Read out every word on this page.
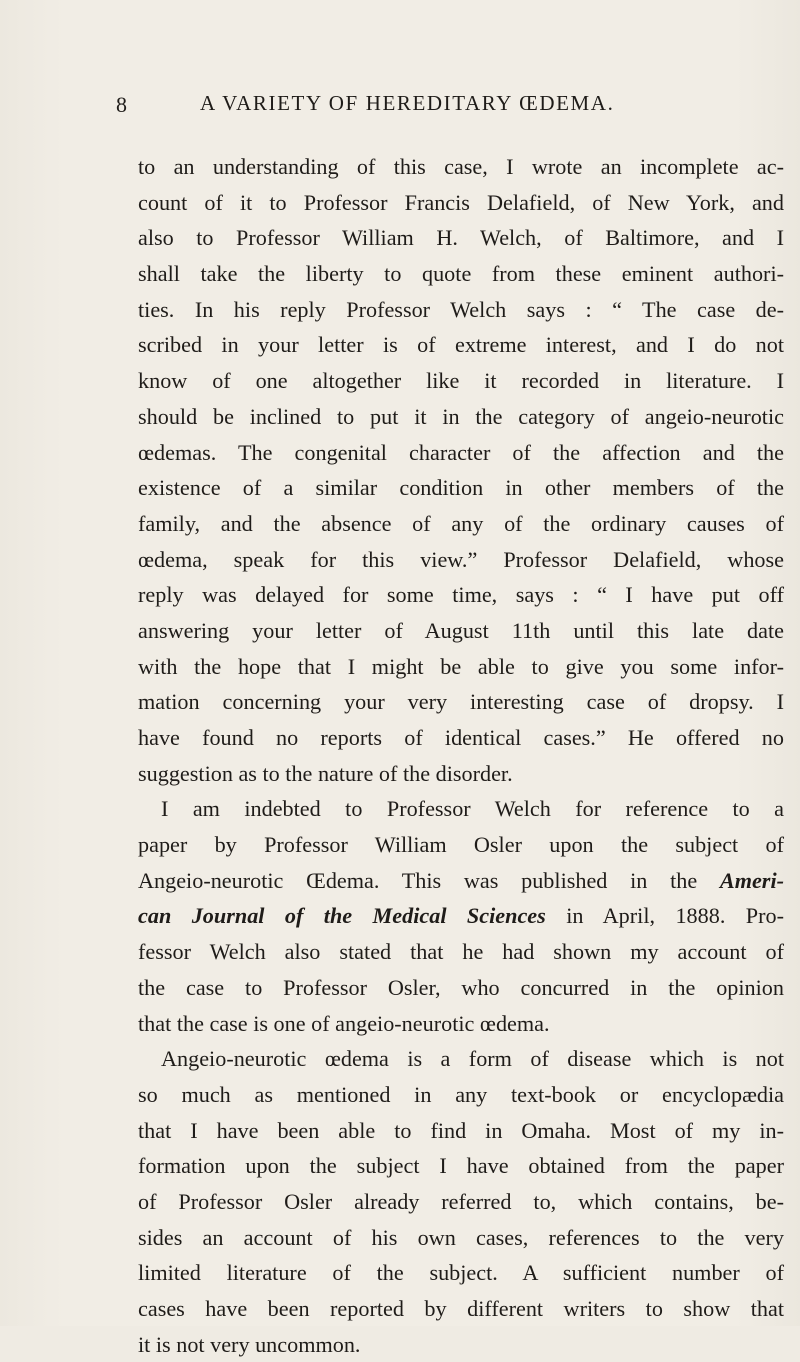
8	A VARIETY OF HEREDITARY ŒDEMA.
to an understanding of this case, I wrote an incomplete ac-
count of it to Professor Francis Delafield, of New York, and
also to Professor William H. Welch, of Baltimore, and I
shall take the liberty to quote from these eminent authori-
ties. In his reply Professor Welch says : “ The case de-
scribed in your letter is of extreme interest, and I do not
know of one altogether like it recorded in literature. I
should be inclined to put it in the category of angeio-neurotic
œdemas. The congenital character of the affection and the
existence of a similar condition in other members of the
family, and the absence of any of the ordinary causes of
œdema, speak for this view.” Professor Delafield, whose
reply was delayed for some time, says : “ I have put off
answering your letter of August 11th until this late date
with the hope that I might be able to give you some infor-
mation concerning your very interesting case of dropsy. I
have found no reports of identical cases.” He offered no
suggestion as to the nature of the disorder.
I am indebted to Professor Welch for reference to a
paper by Professor William Osler upon the subject of
Angeio-neurotic Œdema. This was published in the Ameri-
can Journal of the Medical Sciences in April, 1888. Pro-
fessor Welch also stated that he had shown my account of
the case to Professor Osler, who concurred in the opinion
that the case is one of angeio-neurotic œdema.
Angeio-neurotic œdema is a form of disease which is not
so much as mentioned in any text-book or encyclopædia
that I have been able to find in Omaha. Most of my in-
formation upon the subject I have obtained from the paper
of Professor Osler already referred to, which contains, be-
sides an account of his own cases, references to the very
limited literature of the subject. A sufficient number of
cases have been reported by different writers to show that
it is not very uncommon.
